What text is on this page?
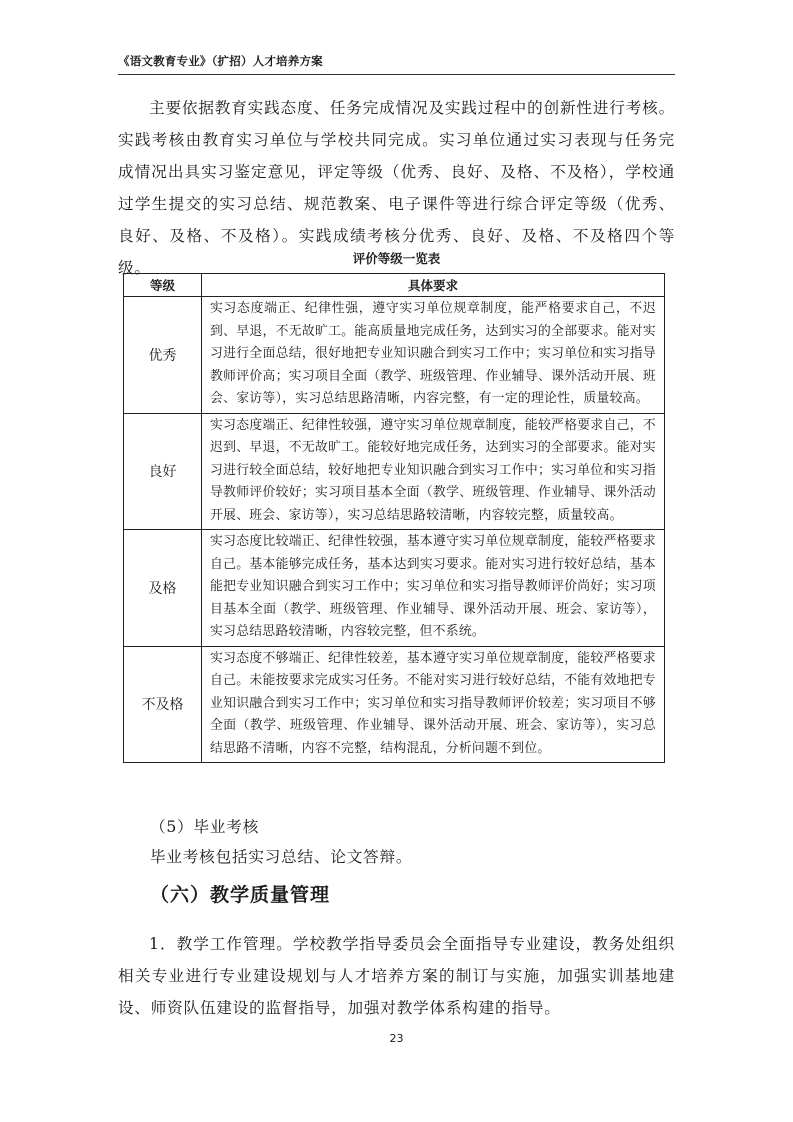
《语文教育专业》（扩招）人才培养方案

主要依据教育实践态度、任务完成情况及实践过程中的创新性进行考核。实践考核由教育实习单位与学校共同完成。实习单位通过实习表现与任务完成情况出具实习鉴定意见，评定等级（优秀、良好、及格、不及格），学校通过学生提交的实习总结、规范教案、电子课件等进行综合评定等级（优秀、良好、及格、不及格）。实践成绩考核分优秀、良好、及格、不及格四个等级。

评价等级一览表
等级	具体要求
优秀	实习态度端正、纪律性强，遵守实习单位规章制度，能严格要求自己，不迟到、早退，不无故旷工。能高质量地完成任务，达到实习的全部要求。能对实习进行全面总结，很好地把专业知识融合到实习工作中；实习单位和实习指导教师评价高；实习项目全面（教学、班级管理、作业辅导、课外活动开展、班会、家访等），实习总结思路清晰，内容完整，有一定的理论性，质量较高。
良好	实习态度端正、纪律性较强，遵守实习单位规章制度，能较严格要求自己，不迟到、早退，不无故旷工。能较好地完成任务，达到实习的全部要求。能对实习进行较全面总结，较好地把专业知识融合到实习工作中；实习单位和实习指导教师评价较好；实习项目基本全面（教学、班级管理、作业辅导、课外活动开展、班会、家访等），实习总结思路较清晰，内容较完整，质量较高。
及格	实习态度比较端正、纪律性较强，基本遵守实习单位规章制度，能较严格要求自己。基本能够完成任务，基本达到实习要求。能对实习进行较好总结，基本能把专业知识融合到实习工作中；实习单位和实习指导教师评价尚好；实习项目基本全面（教学、班级管理、作业辅导、课外活动开展、班会、家访等），实习总结思路较清晰，内容较完整，但不系统。
不及格	实习态度不够端正、纪律性较差，基本遵守实习单位规章制度，能较严格要求自己。未能按要求完成实习任务。不能对实习进行较好总结，不能有效地把专业知识融合到实习工作中；实习单位和实习指导教师评价较差；实习项目不够全面（教学、班级管理、作业辅导、课外活动开展、班会、家访等），实习总结思路不清晰，内容不完整，结构混乱，分析问题不到位。

（5）毕业考核

毕业考核包括实习总结、论文答辩。

（六）教学质量管理

1．教学工作管理。学校教学指导委员会全面指导专业建设，教务处组织相关专业进行专业建设规划与人才培养方案的制订与实施，加强实训基地建设、师资队伍建设的监督指导，加强对教学体系构建的指导。

23
